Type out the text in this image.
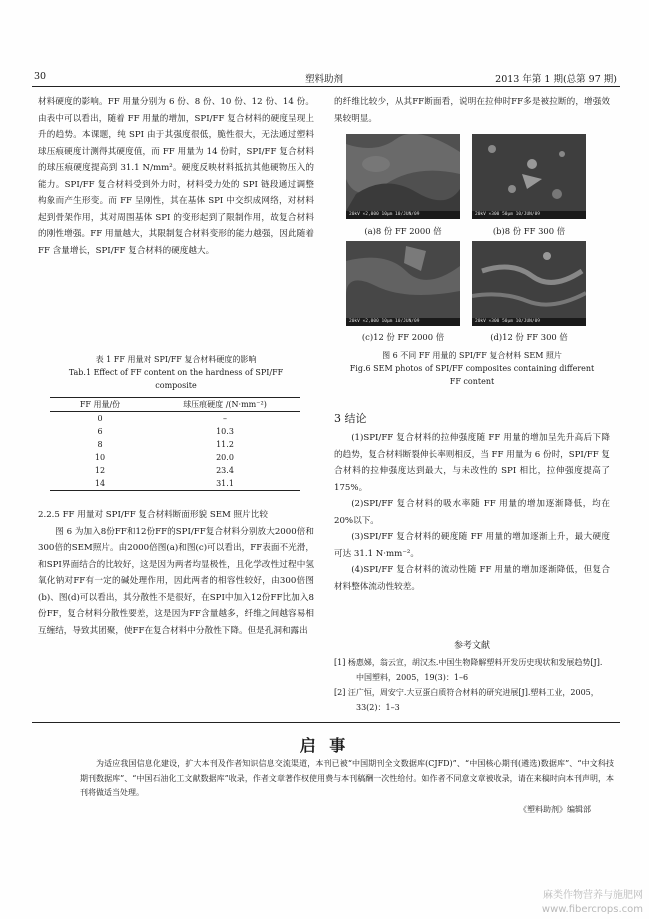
30	塑料助剂	2013 年第 1 期(总第 97 期)

材料硬度的影响。FF 用量分别为 6 份、8 份、10 份、12 份、14 份。由表中可以看出，随着 FF 用量的增加，SPI/FF 复合材料的硬度呈现上升的趋势。本课题，纯 SPI 由于其强度很低，脆性很大，无法通过塑料球压痕硬度计测得其硬度值，而 FF 用量为 14 份时，SPI/FF 复合材料的球压痕硬度提高到 31.1 N/mm²。硬度反映材料抵抗其他硬物压入的能力。SPI/FF 复合材料受到外力时，材料受力处的 SPI 链段通过调整构象而产生形变。而 FF 呈刚性，其在基体 SPI 中交织成网络，对材料起到骨架作用，其对周围基体 SPI 的变形起到了限制作用，故复合材料的刚性增强。FF 用量越大，其限制复合材料变形的能力越强，因此随着 FF 含量增长，SPI/FF 复合材料的硬度越大。

表 1 FF 用量对 SPI/FF 复合材料硬度的影响
Tab.1 Effect of FF content on the hardness of SPI/FF
composite
FF 用量/份	球压痕硬度 /(N·mm⁻²)
0	–
6	10.3
8	11.2
10	20.0
12	23.4
14	31.1

2.2.5 FF 用量对 SPI/FF 复合材料断面形貌 SEM 照片比较

图 6 为加入8份FF和12份FF的SPI/FF复合材料分别放大2000倍和300倍的SEM照片。由2000倍图(a)和图(c)可以看出，FF表面不光滑，和SPI界面结合的比较好，这是因为两者均显极性，且化学改性过程中氢氧化钠对FF有一定的碱处理作用，因此两者的相容性较好，由300倍图(b)、图(d)可以看出，其分散性不是很好，在SPI中加入12份FF比加入8份FF，复合材料分散性要差，这是因为FF含量越多，纤维之间越容易相互缠结，导致其团聚，使FF在复合材料中分散性下降。但是孔洞和露出

的纤维比较少，从其FF断面看，说明在拉伸时FF多是被拉断的，增强效果较明显。

20kV ×2,000 10μm 10/JUN/09	20kV ×300 50μm 10/JUN/09
(a)8 份 FF 2000 倍	(b)8 份 FF 300 倍
20kV ×2,000 10μm 10/JUN/09	20kV ×300 50μm 10/JUN/09
(c)12 份 FF 2000 倍	(d)12 份 FF 300 倍
图 6 不同 FF 用量的 SPI/FF 复合材料 SEM 照片
Fig.6 SEM photos of SPI/FF composites containing different
FF content
3 结论

(1)SPI/FF 复合材料的拉伸强度随 FF 用量的增加呈先升高后下降的趋势，复合材料断裂伸长率则相反，当 FF 用量为 6 份时，SPI/FF 复合材料的拉伸强度达到最大，与未改性的 SPI 相比，拉伸强度提高了 175%。

(2)SPI/FF 复合材料的吸水率随 FF 用量的增加逐渐降低，均在 20%以下。

(3)SPI/FF 复合材料的硬度随 FF 用量的增加逐渐上升，最大硬度可达 31.1 N·mm⁻²。

(4)SPI/FF 复合材料的流动性随 FF 用量的增加逐渐降低，但复合材料整体流动性较差。

参考文献
[1] 杨惠娣，翁云宣，胡汉杰.中国生物降解塑料开发历史现状和发展趋势[J].中国塑料，2005，19(3)：1–6
[2] 汪广恒，周安宁.大豆蛋白质符合材料的研究进展[J].塑料工业，2005，33(2)：1–3
启 事
为适应我国信息化建设，扩大本刊及作者知识信息交流渠道，本刊已被“中国期刊全文数据库(CJFD)”、“中国核心期刊(遴选)数据库”、“中文科技期刊数据库”、“中国石油化工文献数据库”收录，作者文章著作权使用费与本刊稿酬一次性给付。如作者不同意文章被收录，请在来稿时向本刊声明，本刊将做适当处理。
《塑料助剂》编辑部
麻类作物营养与施肥网
www.fibercrops.com
